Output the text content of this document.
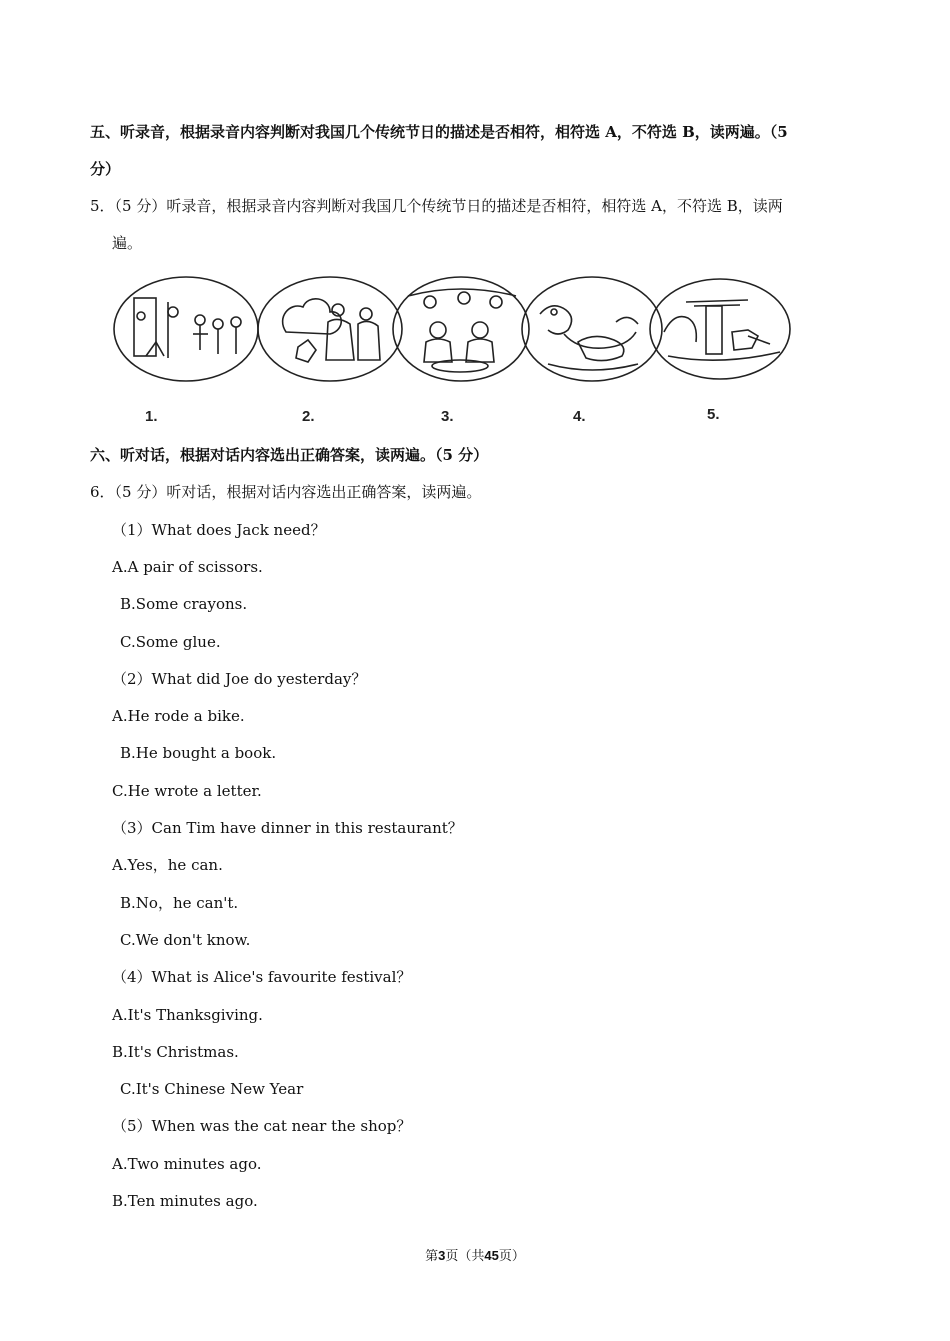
五、听录音，根据录音内容判断对我国几个传统节日的描述是否相符，相符选 A，不符选 B，读两遍。（5
分）
5．（5 分）听录音，根据录音内容判断对我国几个传统节日的描述是否相符，相符选 A，不符选 B，读两
遍。
1.	2.	3.	4.	5.
六、听对话，根据对话内容选出正确答案，读两遍。（5 分）
6．（5 分）听对话，根据对话内容选出正确答案，读两遍。
（1）What does Jack need？
A.A pair of scissors.
B.Some crayons.
C.Some glue.
（2）What did Joe do yesterday？
A.He rode a bike.
B.He bought a book.
C.He wrote a letter.
（3）Can Tim have dinner in this restaurant？
A.Yes，he can.
B.No，he can't.
C.We don't know.
（4）What is Alice's favourite festival？
A.It's Thanksgiving.
B.It's Christmas.
C.It's Chinese New Year
（5）When was the cat near the shop？
A.Two minutes ago.
B.Ten minutes ago.
第3页（共45页）
